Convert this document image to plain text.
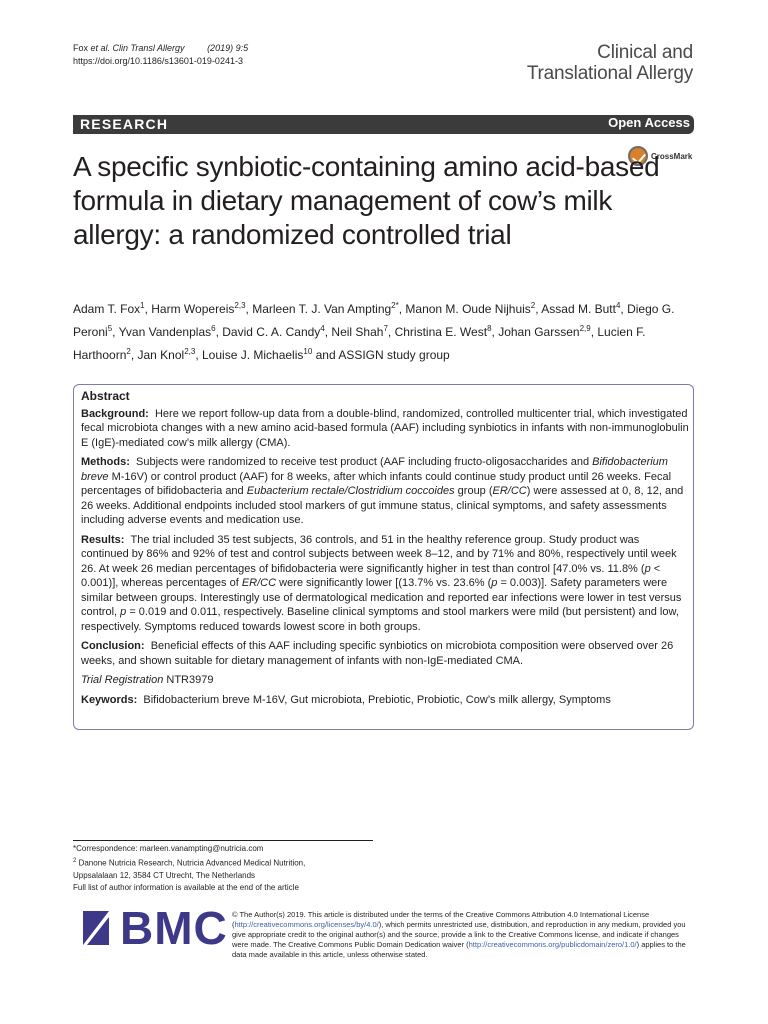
Fox et al. Clin Transl Allergy	(2019) 9:5
https://doi.org/10.1186/s13601-019-0241-3	Clinical and
Translational Allergy
RESEARCH	Open Access
CrossMark
A specific synbiotic-containing amino acid-based formula in dietary management of cow’s milk allergy: a randomized controlled trial
Adam T. Fox$^1$, Harm Wopereis$^{2,3}$, Marleen T. J. Van Ampting$^{2*}$, Manon M. Oude Nijhuis$^2$, Assad M. Butt$^4$, Diego G. Peroni$^5$, Yvan Vandenplas$^6$, David C. A. Candy$^4$, Neil Shah$^7$, Christina E. West$^8$, Johan Garssen$^{2,9}$, Lucien F. Harthoorn$^2$, Jan Knol$^{2,3}$, Louise J. Michaelis$^{10}$ and ASSIGN study group

Abstract

Background: Here we report follow-up data from a double-blind, randomized, controlled multicenter trial, which investigated fecal microbiota changes with a new amino acid-based formula (AAF) including synbiotics in infants with non-immunoglobulin E (IgE)-mediated cow’s milk allergy (CMA).

Methods: Subjects were randomized to receive test product (AAF including fructo-oligosaccharides and Bifidobacterium breve M-16V) or control product (AAF) for 8 weeks, after which infants could continue study product until 26 weeks. Fecal percentages of bifidobacteria and Eubacterium rectale/Clostridium coccoides group (ER/CC) were assessed at 0, 8, 12, and 26 weeks. Additional endpoints included stool markers of gut immune status, clinical symptoms, and safety assessments including adverse events and medication use.

Results: The trial included 35 test subjects, 36 controls, and 51 in the healthy reference group. Study product was continued by 86% and 92% of test and control subjects between week 8–12, and by 71% and 80%, respectively until week 26. At week 26 median percentages of bifidobacteria were significantly higher in test than control [47.0% vs. 11.8% (p < 0.001)], whereas percentages of ER/CC were significantly lower [(13.7% vs. 23.6% (p = 0.003)]. Safety parameters were similar between groups. Interestingly use of dermatological medication and reported ear infections were lower in test versus control, p = 0.019 and 0.011, respectively. Baseline clinical symptoms and stool markers were mild (but persistent) and low, respectively. Symptoms reduced towards lowest score in both groups.

Conclusion: Beneficial effects of this AAF including specific synbiotics on microbiota composition were observed over 26 weeks, and shown suitable for dietary management of infants with non-IgE-mediated CMA.

Trial Registration NTR3979

Keywords: Bifidobacterium breve M-16V, Gut microbiota, Prebiotic, Probiotic, Cow’s milk allergy, Symptoms

*Correspondence: marleen.vanampting@nutricia.com
$^2$ Danone Nutricia Research, Nutricia Advanced Medical Nutrition,
Uppsalalaan 12, 3584 CT Utrecht, The Netherlands
Full list of author information is available at the end of the article
BMC © The Author(s) 2019. This article is distributed under the terms of the Creative Commons Attribution 4.0 International License (http://creativecommons.org/licenses/by/4.0/), which permits unrestricted use, distribution, and reproduction in any medium, provided you give appropriate credit to the original author(s) and the source, provide a link to the Creative Commons license, and indicate if changes were made. The Creative Commons Public Domain Dedication waiver (http://creativecommons.org/publicdomain/zero/1.0/) applies to the data made available in this article, unless otherwise stated.
